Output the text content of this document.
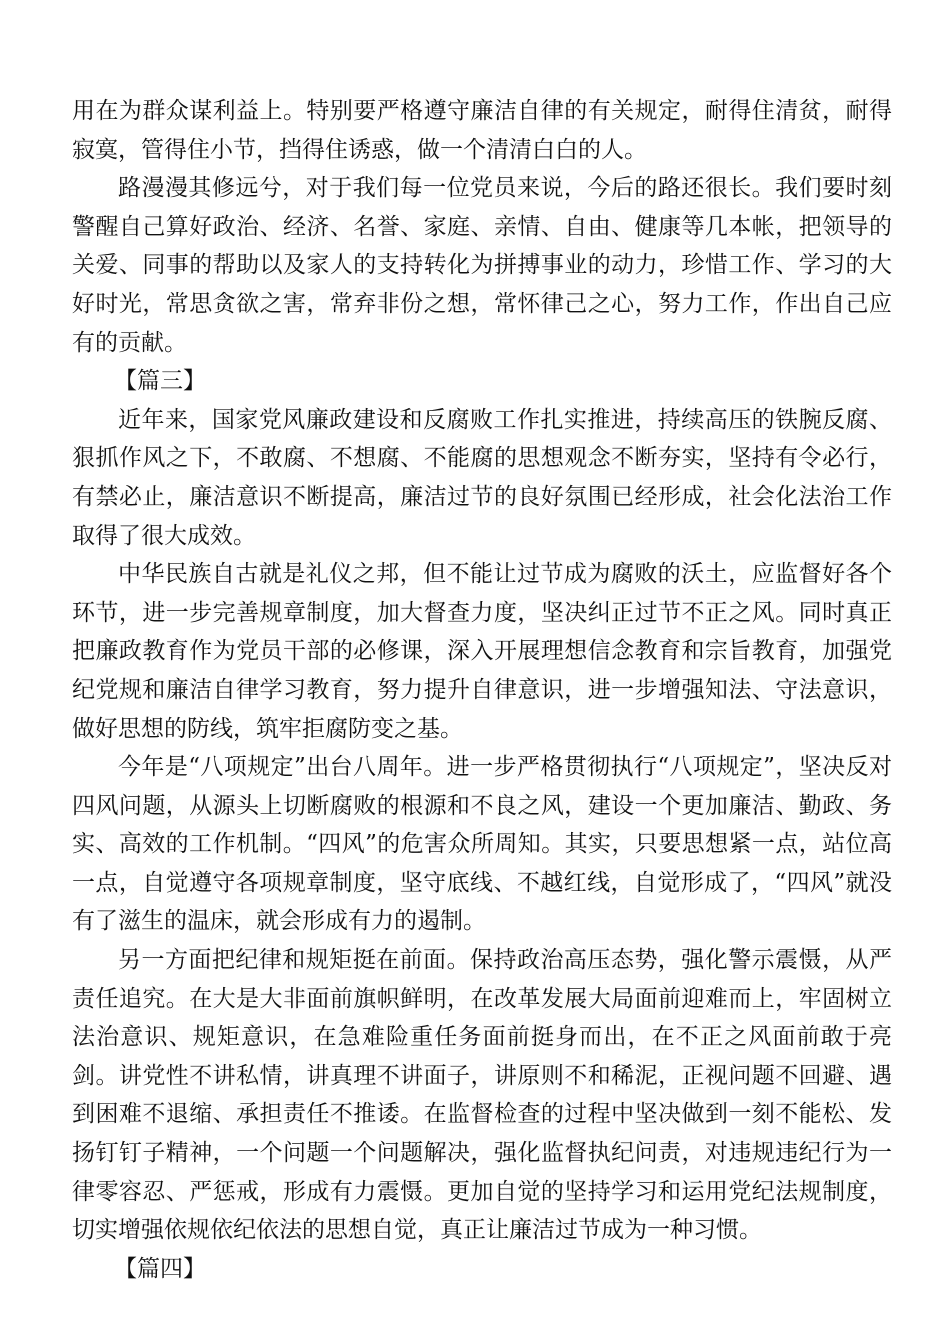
用在为群众谋利益上。特别要严格遵守廉洁自律的有关规定，耐得住清贫，耐得寂寞，管得住小节，挡得住诱惑，做一个清清白白的人。

路漫漫其修远兮，对于我们每一位党员来说，今后的路还很长。我们要时刻警醒自己算好政治、经济、名誉、家庭、亲情、自由、健康等几本帐，把领导的关爱、同事的帮助以及家人的支持转化为拼搏事业的动力，珍惜工作、学习的大好时光，常思贪欲之害，常弃非份之想，常怀律己之心，努力工作，作出自己应有的贡献。

【篇三】

近年来，国家党风廉政建设和反腐败工作扎实推进，持续高压的铁腕反腐、狠抓作风之下，不敢腐、不想腐、不能腐的思想观念不断夯实，坚持有令必行，有禁必止，廉洁意识不断提高，廉洁过节的良好氛围已经形成，社会化法治工作取得了很大成效。

中华民族自古就是礼仪之邦，但不能让过节成为腐败的沃土，应监督好各个环节，进一步完善规章制度，加大督查力度，坚决纠正过节不正之风。同时真正把廉政教育作为党员干部的必修课，深入开展理想信念教育和宗旨教育，加强党纪党规和廉洁自律学习教育，努力提升自律意识，进一步增强知法、守法意识，做好思想的防线，筑牢拒腐防变之基。

今年是“八项规定”出台八周年。进一步严格贯彻执行“八项规定”，坚决反对四风问题，从源头上切断腐败的根源和不良之风，建设一个更加廉洁、勤政、务实、高效的工作机制。“四风”的危害众所周知。其实，只要思想紧一点，站位高一点，自觉遵守各项规章制度，坚守底线、不越红线，自觉形成了，“四风”就没有了滋生的温床，就会形成有力的遏制。

另一方面把纪律和规矩挺在前面。保持政治高压态势，强化警示震慑，从严责任追究。在大是大非面前旗帜鲜明，在改革发展大局面前迎难而上，牢固树立法治意识、规矩意识，在急难险重任务面前挺身而出，在不正之风面前敢于亮剑。讲党性不讲私情，讲真理不讲面子，讲原则不和稀泥，正视问题不回避、遇到困难不退缩、承担责任不推诿。在监督检查的过程中坚决做到一刻不能松、发扬钉钉子精神，一个问题一个问题解决，强化监督执纪问责，对违规违纪行为一律零容忍、严惩戒，形成有力震慑。更加自觉的坚持学习和运用党纪法规制度，切实增强依规依纪依法的思想自觉，真正让廉洁过节成为一种习惯。

【篇四】
